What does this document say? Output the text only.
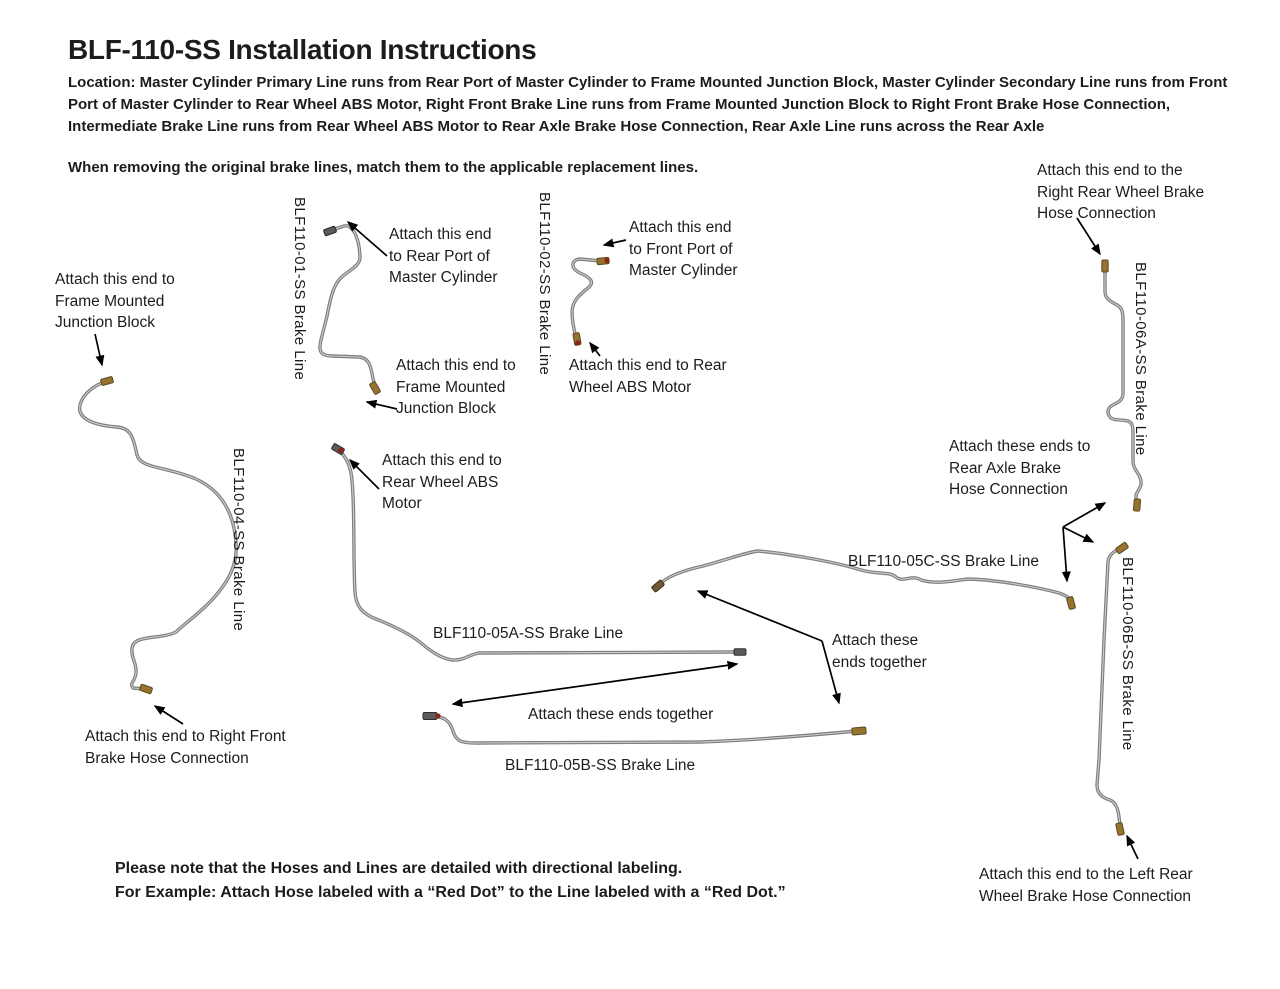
BLF-110-SS Installation Instructions
Location: Master Cylinder Primary Line runs from Rear Port of Master Cylinder to Frame Mounted Junction Block, Master Cylinder Secondary Line runs from Front Port of Master Cylinder to Rear Wheel ABS Motor, Right Front Brake Line runs from Frame Mounted Junction Block to Right Front Brake Hose Connection, Intermediate Brake Line runs from Rear Wheel ABS Motor to Rear Axle Brake Hose Connection, Rear Axle Line runs across the Rear Axle
When removing the original brake lines, match them to the applicable replacement lines.
Attach this end to Frame Mounted Junction Block
Attach this end to Rear Port of Master Cylinder
Attach this end to Front Port of Master Cylinder
Attach this end to Frame Mounted Junction Block
Attach this end to Rear Wheel ABS Motor
Attach this end to the Right Rear Wheel Brake Hose Connection
Attach this end to Rear Wheel ABS Motor
Attach these ends to Rear Axle Brake Hose Connection
Attach these ends together
Attach these ends together
Attach this end to Right Front Brake Hose Connection
Attach this end to the Left Rear Wheel Brake Hose Connection
BLF110-01-SS Brake Line	BLF110-02-SS Brake Line
BLF110-04-SS Brake Line
BLF110-06A-SS Brake Line
BLF110-06B-SS Brake Line
BLF110-05A-SS Brake Line
BLF110-05B-SS Brake Line
BLF110-05C-SS Brake Line
Please note that the Hoses and Lines are detailed with directional labeling.
For Example: Attach Hose labeled with a “Red Dot” to the Line labeled with a “Red Dot.”
